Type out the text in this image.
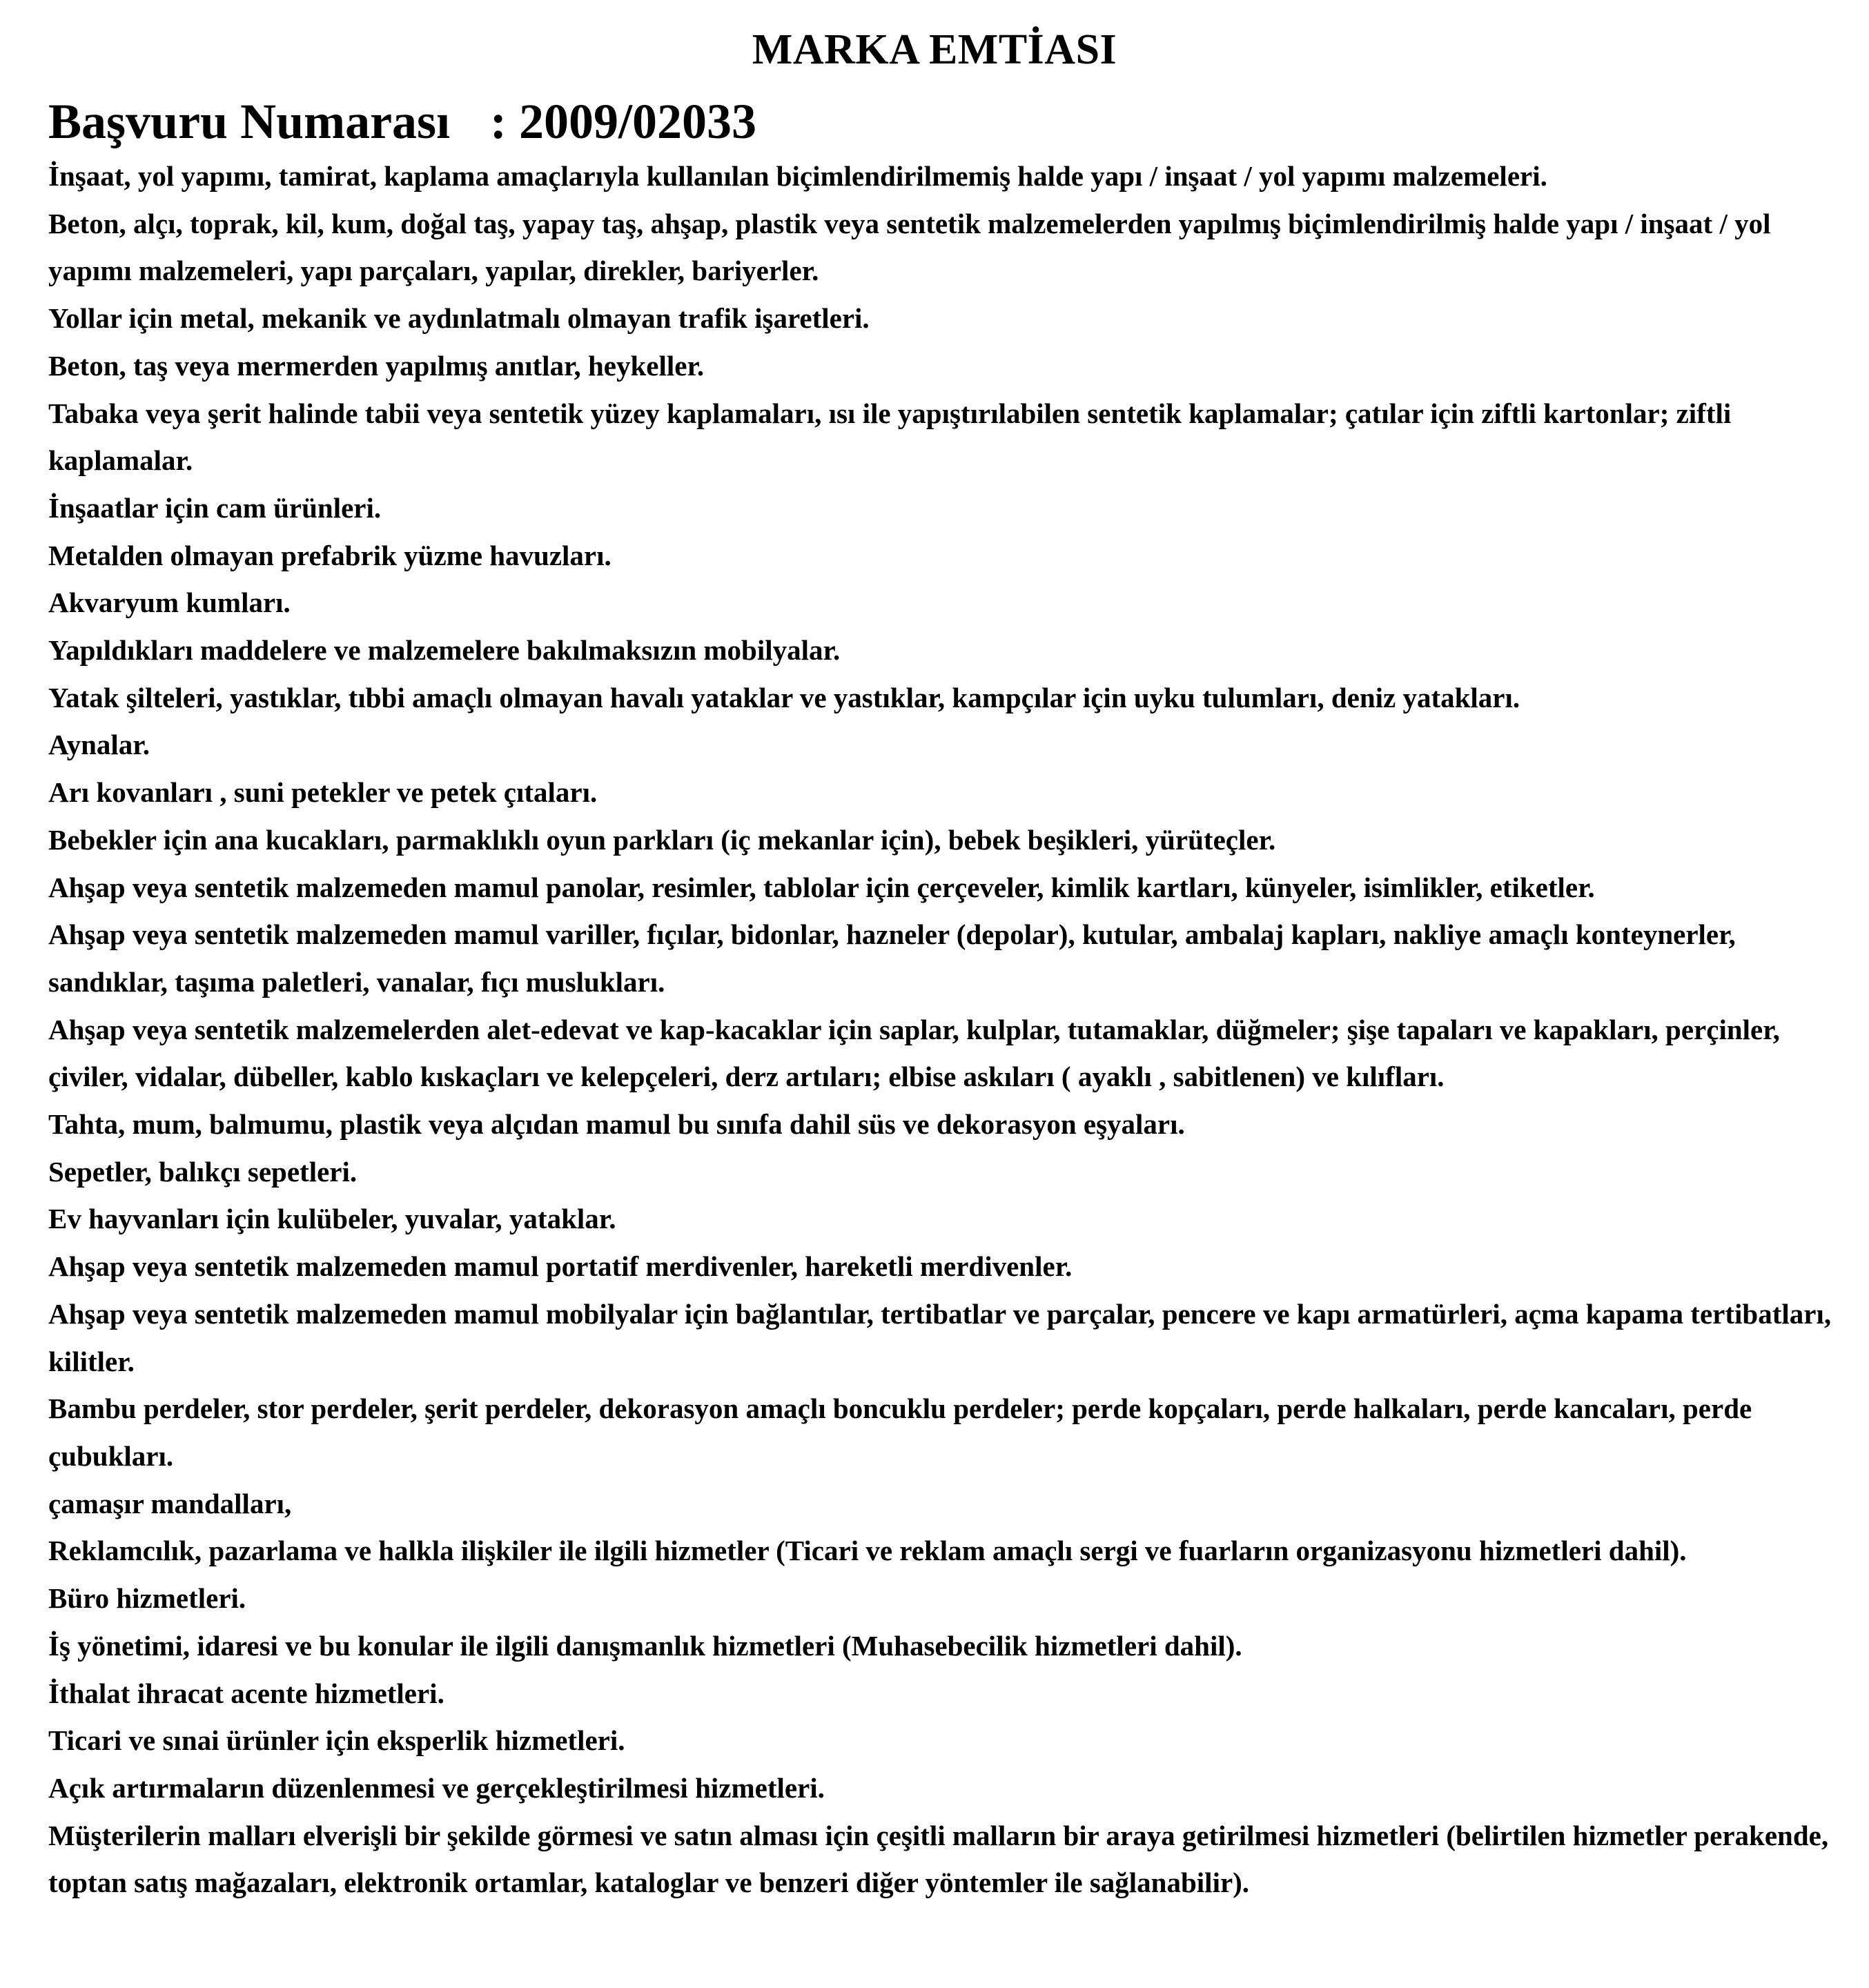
MARKA EMTİASI
Başvuru Numarası : 2009/02033
İnşaat, yol yapımı, tamirat, kaplama amaçlarıyla kullanılan biçimlendirilmemiş halde yapı / inşaat / yol yapımı malzemeleri.
Beton, alçı, toprak, kil, kum, doğal taş, yapay taş, ahşap, plastik veya sentetik malzemelerden yapılmış biçimlendirilmiş halde yapı / inşaat / yol yapımı malzemeleri, yapı parçaları, yapılar, direkler, bariyerler.
Yollar için metal, mekanik ve aydınlatmalı olmayan trafik işaretleri.
Beton, taş veya mermerden yapılmış anıtlar, heykeller.
Tabaka veya şerit halinde tabii veya sentetik yüzey kaplamaları, ısı ile yapıştırılabilen sentetik kaplamalar; çatılar için ziftli kartonlar; ziftli kaplamalar.
İnşaatlar için cam ürünleri.
Metalden olmayan prefabrik yüzme havuzları.
Akvaryum kumları.
Yapıldıkları maddelere ve malzemelere bakılmaksızın mobilyalar.
Yatak şilteleri, yastıklar, tıbbi amaçlı olmayan havalı yataklar ve yastıklar, kampçılar için uyku tulumları, deniz yatakları.
Aynalar.
Arı kovanları , suni petekler ve petek çıtaları.
Bebekler için ana kucakları, parmaklıklı oyun parkları (iç mekanlar için), bebek beşikleri, yürüteçler.
Ahşap veya sentetik malzemeden mamul panolar, resimler, tablolar için çerçeveler, kimlik kartları, künyeler, isimlikler, etiketler.
Ahşap veya sentetik malzemeden mamul variller, fıçılar, bidonlar, hazneler (depolar), kutular, ambalaj kapları, nakliye amaçlı konteynerler, sandıklar, taşıma paletleri, vanalar, fıçı muslukları.
Ahşap veya sentetik malzemelerden alet-edevat ve kap-kacaklar için saplar, kulplar, tutamaklar, düğmeler; şişe tapaları ve kapakları, perçinler, çiviler, vidalar, dübeller, kablo kıskaçları ve kelepçeleri, derz artıları; elbise askıları ( ayaklı , sabitlenen) ve kılıfları.
Tahta, mum, balmumu, plastik veya alçıdan mamul bu sınıfa dahil süs ve dekorasyon eşyaları.
Sepetler, balıkçı sepetleri.
Ev hayvanları için kulübeler, yuvalar, yataklar.
Ahşap veya sentetik malzemeden mamul portatif merdivenler, hareketli merdivenler.
Ahşap veya sentetik malzemeden mamul mobilyalar için bağlantılar, tertibatlar ve parçalar, pencere ve kapı armatürleri, açma kapama tertibatları, kilitler.
Bambu perdeler, stor perdeler, şerit perdeler, dekorasyon amaçlı boncuklu perdeler; perde kopçaları, perde halkaları, perde kancaları, perde çubukları.
çamaşır mandalları,
Reklamcılık, pazarlama ve halkla ilişkiler ile ilgili hizmetler (Ticari ve reklam amaçlı sergi ve fuarların organizasyonu hizmetleri dahil).
Büro hizmetleri.
İş yönetimi, idaresi ve bu konular ile ilgili danışmanlık hizmetleri (Muhasebecilik hizmetleri dahil).
İthalat ihracat acente hizmetleri.
Ticari ve sınai ürünler için eksperlik hizmetleri.
Açık artırmaların düzenlenmesi ve gerçekleştirilmesi hizmetleri.
Müşterilerin malları elverişli bir şekilde görmesi ve satın alması için çeşitli malların bir araya getirilmesi hizmetleri (belirtilen hizmetler perakende, toptan satış mağazaları, elektronik ortamlar, kataloglar ve benzeri diğer yöntemler ile sağlanabilir).
